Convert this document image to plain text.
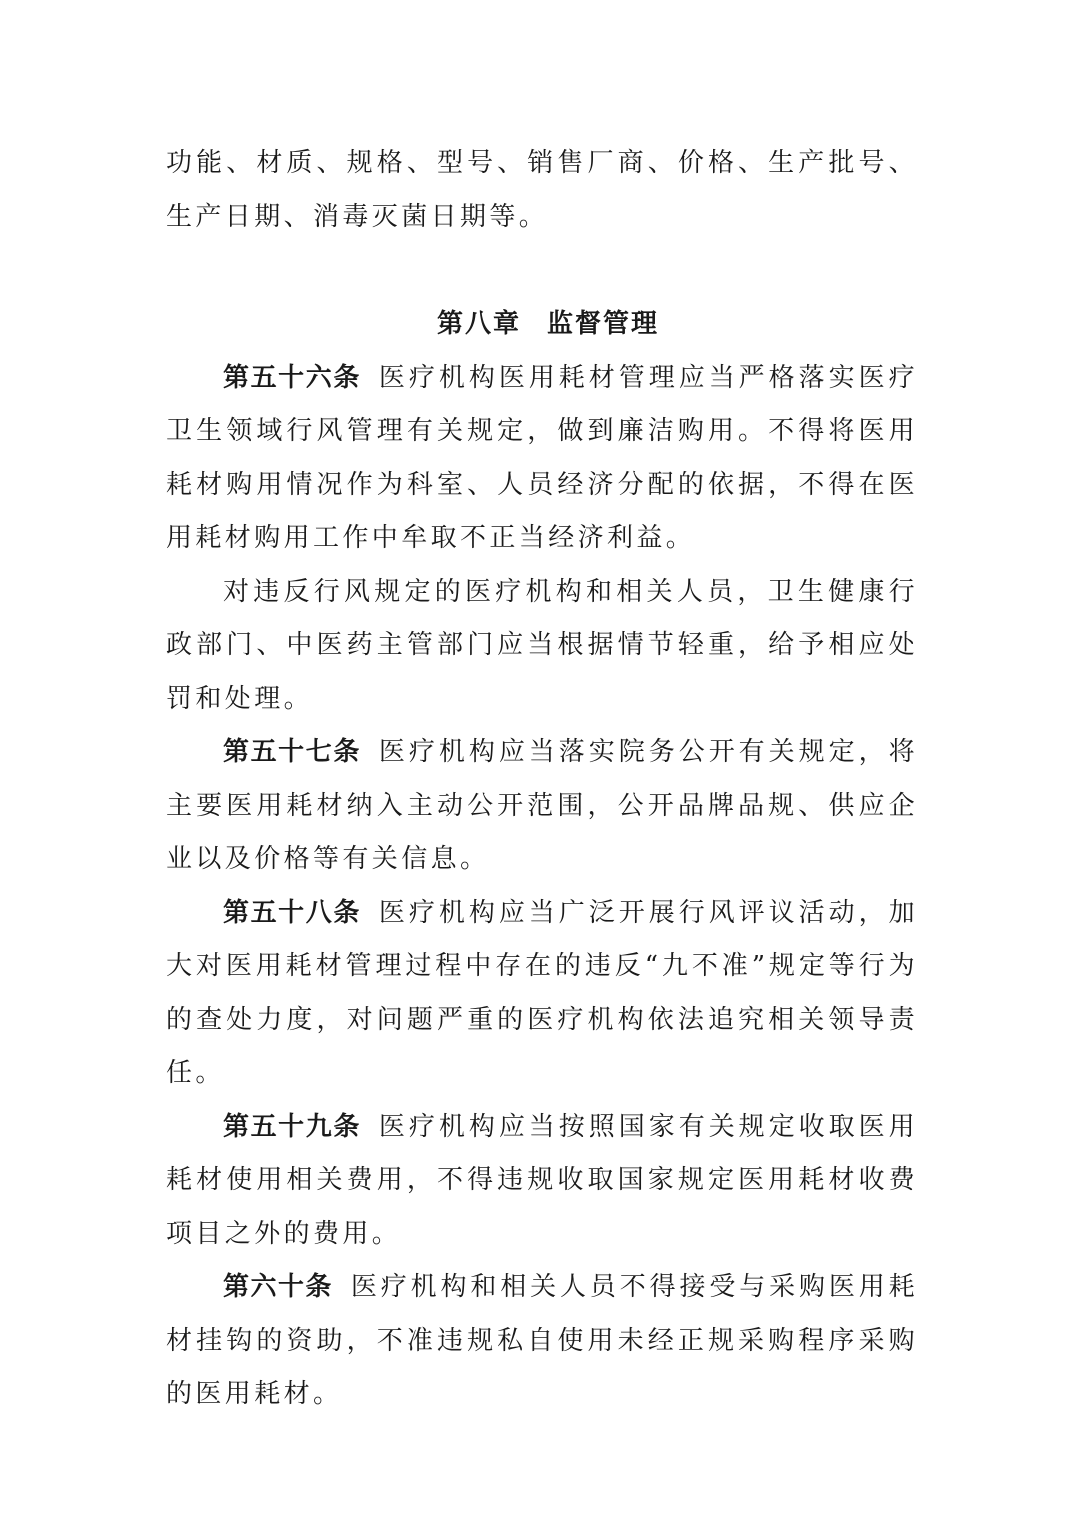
功能、材质、规格、型号、销售厂商、价格、生产批号、生产日期、消毒灭菌日期等。

第八章 监督管理

第五十六条 医疗机构医用耗材管理应当严格落实医疗卫生领域行风管理有关规定，做到廉洁购用。不得将医用耗材购用情况作为科室、人员经济分配的依据，不得在医用耗材购用工作中牟取不正当经济利益。

对违反行风规定的医疗机构和相关人员，卫生健康行政部门、中医药主管部门应当根据情节轻重，给予相应处罚和处理。

第五十七条 医疗机构应当落实院务公开有关规定，将主要医用耗材纳入主动公开范围，公开品牌品规、供应企业以及价格等有关信息。

第五十八条 医疗机构应当广泛开展行风评议活动，加大对医用耗材管理过程中存在的违反“九不准”规定等行为的查处力度，对问题严重的医疗机构依法追究相关领导责任。

第五十九条 医疗机构应当按照国家有关规定收取医用耗材使用相关费用，不得违规收取国家规定医用耗材收费项目之外的费用。

第六十条 医疗机构和相关人员不得接受与采购医用耗材挂钩的资助，不准违规私自使用未经正规采购程序采购的医用耗材。
